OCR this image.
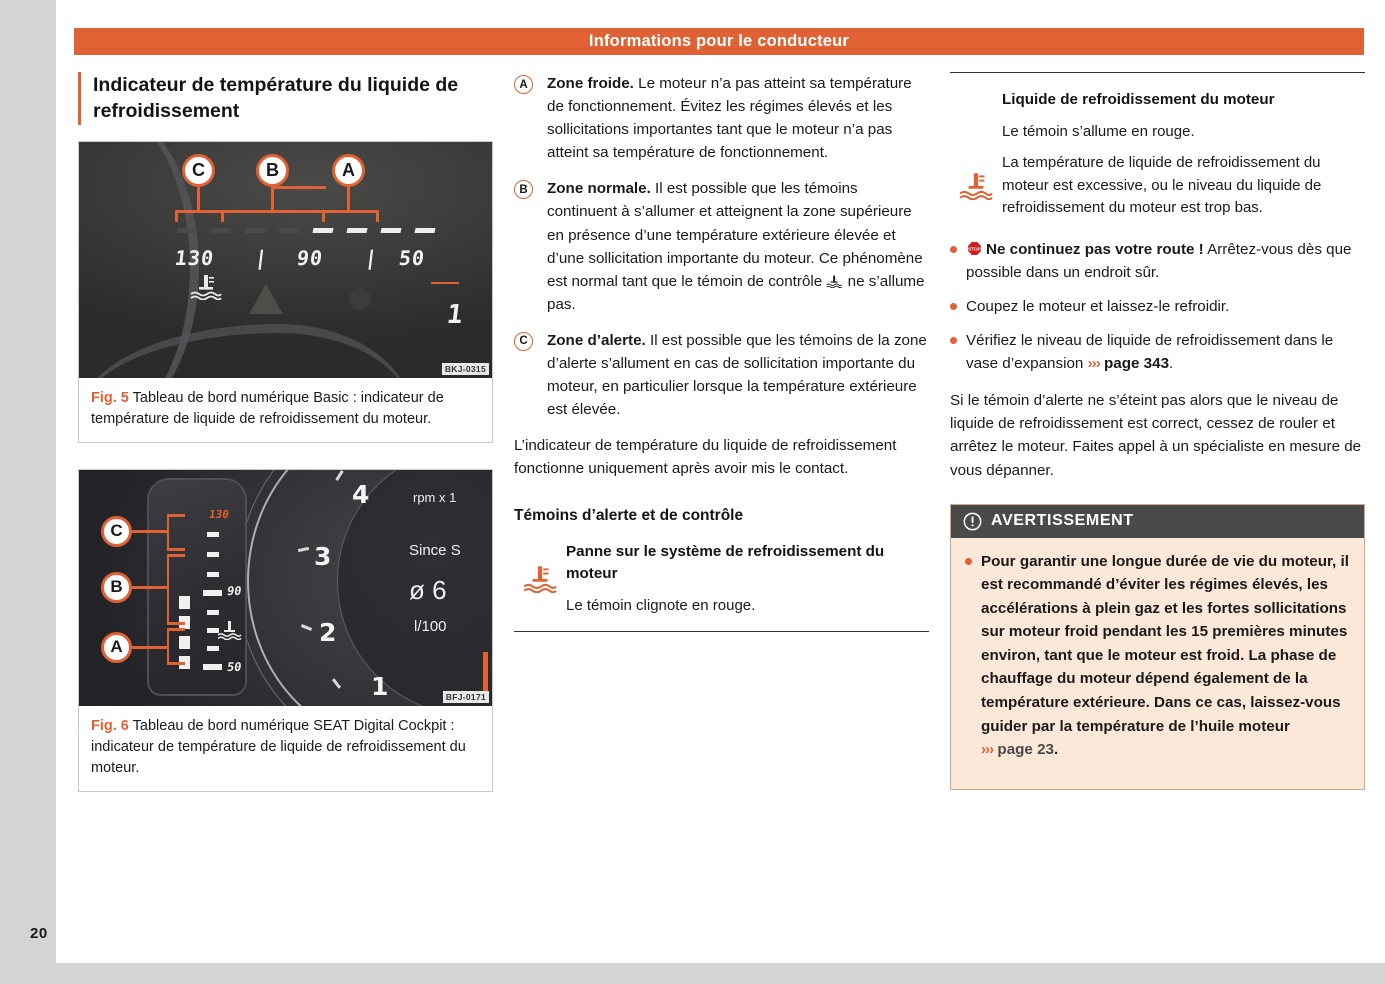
Informations pour le conducteur
Indicateur de température du liquide de refroidissement
130 | 90 | 50
1
C	B	A
BKJ-0315
Fig. 5 Tableau de bord numérique Basic : indicateur de température de liquide de refroidissement du moteur.
130
90
50
4
3
2
1
rpm x 1
Since S
ø 6
l/100
C
B
A
BFJ-0171
Fig. 6 Tableau de bord numérique SEAT Digital Cockpit : indicateur de température de liquide de refroidissement du moteur.
A	Zone froide. Le moteur n’a pas atteint sa température de fonctionnement. Évitez les régimes élevés et les sollicitations importantes tant que le moteur n’a pas atteint sa température de fonctionnement.
B	Zone normale. Il est possible que les témoins continuent à s’allumer et atteignent la zone supérieure en présence d’une température extérieure élevée et d’une sollicitation importante du moteur. Ce phénomène est normal tant que le témoin de contrôle  ne s’allume pas.
C	Zone d’alerte. Il est possible que les témoins de la zone d’alerte s’allument en cas de sollicitation importante du moteur, en particulier lorsque la température extérieure est élevée.

L’indicateur de température du liquide de refroidissement fonctionne uniquement après avoir mis le contact.

Témoins d’alerte et de contrôle
Panne sur le système de refroidissement du moteur
Le témoin clignote en rouge.
Liquide de refroidissement du moteur
Le témoin s’allume en rouge.
La température de liquide de refroidissement du moteur est excessive, ou le niveau du liquide de refroidissement du moteur est trop bas.
STOP Ne continuez pas votre route ! Arrêtez-vous dès que possible dans un endroit sûr.
Coupez le moteur et laissez-le refroidir.
Vérifiez le niveau de liquide de refroidissement dans le vase d’expansion ››› page 343.

Si le témoin d’alerte ne s’éteint pas alors que le niveau de liquide de refroidissement est correct, cessez de rouler et arrêtez le moteur. Faites appel à un spécialiste en mesure de vous dépanner.

AVERTISSEMENT
Pour garantir une longue durée de vie du moteur, il est recommandé d’éviter les régimes élevés, les accélérations à plein gaz et les fortes sollicitations sur moteur froid pendant les 15 premières minutes environ, tant que le moteur est froid. La phase de chauffage du moteur dépend également de la température extérieure. Dans ce cas, laissez-vous guider par la température de l’huile moteur ››› page 23.
20
